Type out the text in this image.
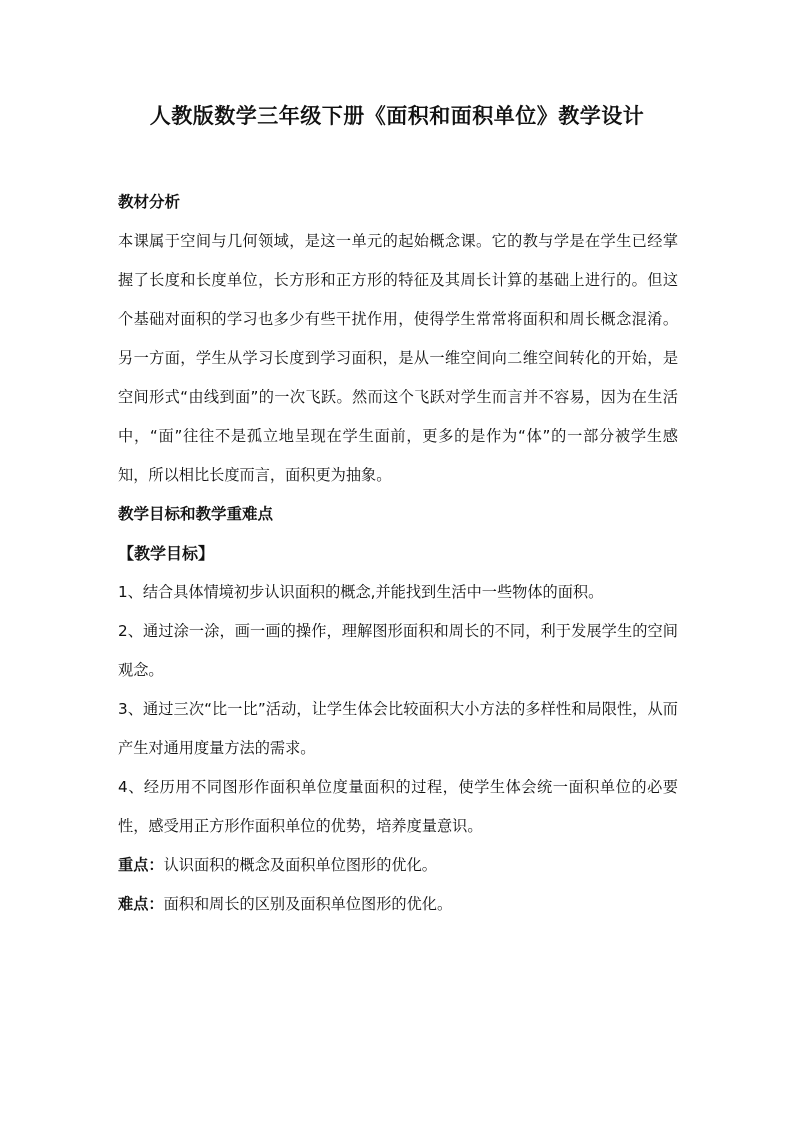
人教版数学三年级下册《面积和面积单位》教学设计

教材分析

本课属于空间与几何领域，是这一单元的起始概念课。它的教与学是在学生已经掌握了长度和长度单位，长方形和正方形的特征及其周长计算的基础上进行的。但这个基础对面积的学习也多少有些干扰作用，使得学生常常将面积和周长概念混淆。另一方面，学生从学习长度到学习面积，是从一维空间向二维空间转化的开始，是空间形式“由线到面”的一次飞跃。然而这个飞跃对学生而言并不容易，因为在生活中，“面”往往不是孤立地呈现在学生面前，更多的是作为“体”的一部分被学生感知，所以相比长度而言，面积更为抽象。

教学目标和教学重难点

【教学目标】

1、结合具体情境初步认识面积的概念,并能找到生活中一些物体的面积。

2、通过涂一涂，画一画的操作，理解图形面积和周长的不同，利于发展学生的空间观念。

3、通过三次“比一比”活动，让学生体会比较面积大小方法的多样性和局限性，从而产生对通用度量方法的需求。

4、经历用不同图形作面积单位度量面积的过程，使学生体会统一面积单位的必要性，感受用正方形作面积单位的优势，培养度量意识。

重点：认识面积的概念及面积单位图形的优化。

难点：面积和周长的区别及面积单位图形的优化。
